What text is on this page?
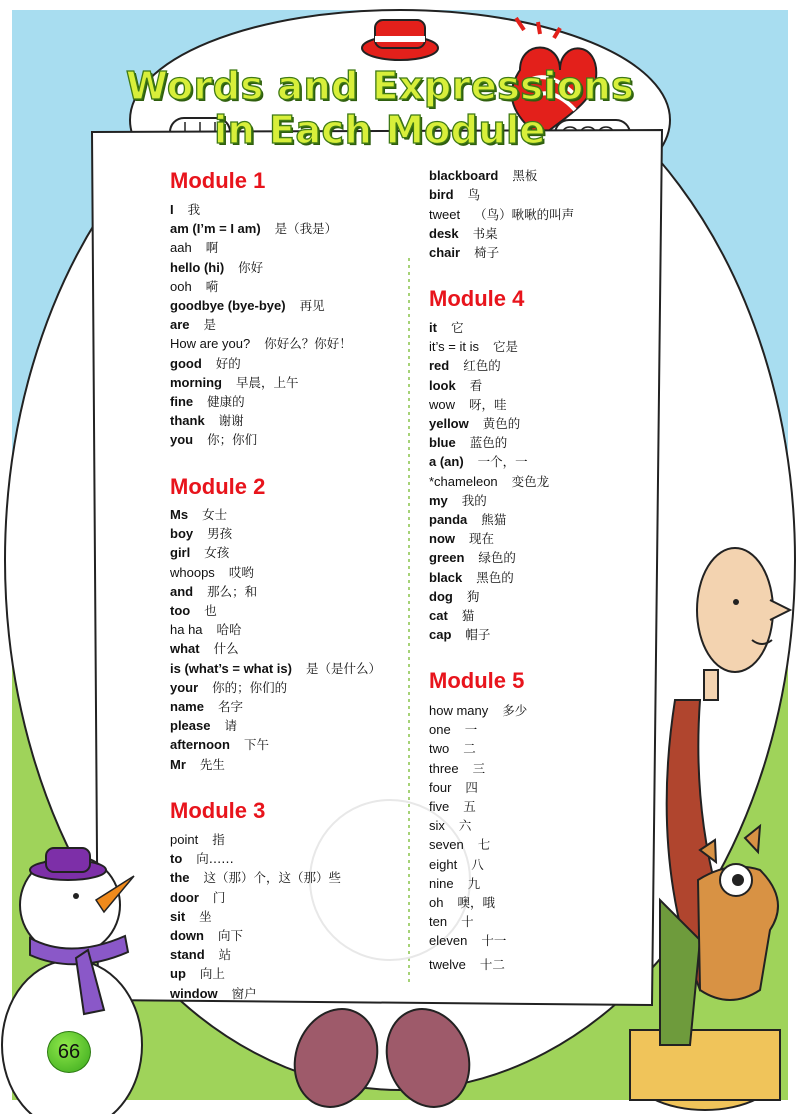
Words and Expressions
in Each Module
Module 1
I 我
am (I’m = I am) 是（我是）
aah 啊
hello (hi) 你好
ooh 嗬
goodbye (bye-bye) 再见
are 是
How are you? 你好么？你好！
good 好的
morning 早晨，上午
fine 健康的
thank 谢谢
you 你；你们
Module 2
Ms 女士
boy 男孩
girl 女孩
whoops 哎哟
and 那么；和
too 也
ha ha 哈哈
what 什么
is (what’s = what is) 是（是什么）
your 你的；你们的
name 名字
please 请
afternoon 下午
Mr 先生
Module 3
point 指
to 向……
the 这（那）个，这（那）些
door 门
sit 坐
down 向下
stand 站
up 向上
window 窗户
blackboard 黑板
bird 鸟
tweet （鸟）啾啾的叫声
desk 书桌
chair 椅子
Module 4
it 它
it’s = it is 它是
red 红色的
look 看
wow 呀，哇
yellow 黄色的
blue 蓝色的
a (an) 一个，一
*chameleon 变色龙
my 我的
panda 熊猫
now 现在
green 绿色的
black 黑色的
dog 狗
cat 猫
cap 帽子
Module 5
how many 多少
one 一
two 二
three 三
four 四
five 五
six 六
seven 七
eight 八
nine 九
oh 噢，哦
ten 十
eleven 十一
twelve 十二
66
